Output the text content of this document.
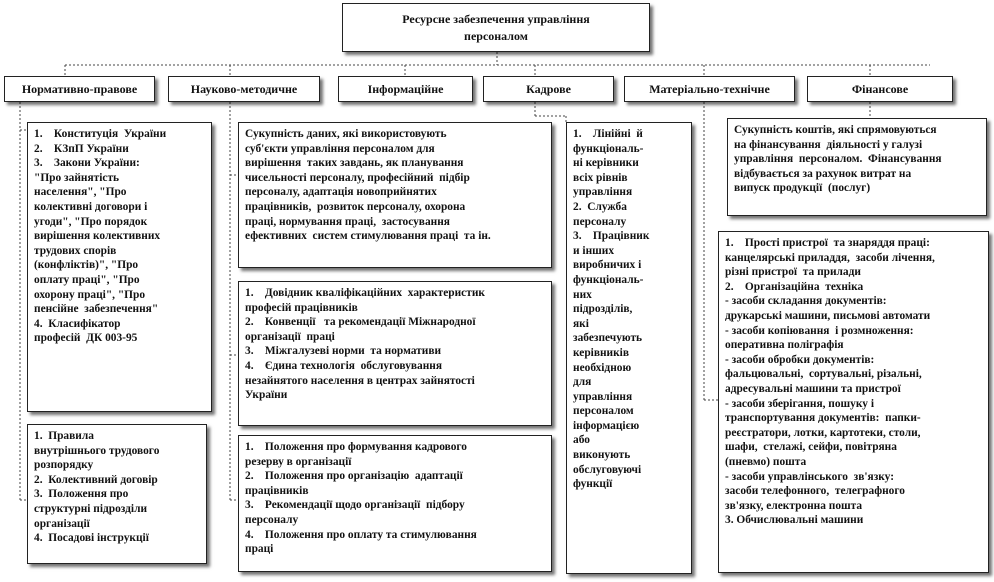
Ресурсне забезпечення управління
персоналом
Нормативно-правове	Науково-методичне	Інформаційне	Кадрове	Матеріально-технічне	Фінансове
1.    Конституція  України
2.    КЗпП України
3.    Закони України:
"Про зайнятість
населення", "Про
колективні договори і
угоди", "Про порядок
вирішення колективних
трудових спорів
(конфліктів)", "Про
оплату праці", "Про
охорону праці", "Про
пенсійне  забезпечення"
4.  Класифікатор
професій  ДК 003-95
1.  Правила
внутрішнього трудового
розпорядку
2.  Колективний договір
3.  Положення про
структурні підрозділи
організації
4.  Посадові інструкції
Сукупність даних, які використовують
суб'єкти управління персоналом для
вирішення  таких завдань, як планування
чисельності персоналу, професійний  підбір
персоналу, адаптація новоприйнятих
працівників,  розвиток персоналу, охорона
праці, нормування праці,  застосування
ефективних  систем стимулювання праці  та ін.
1.    Довідник кваліфікаційних  характеристик
професій працівників
2.    Конвенції   та рекомендації Міжнародної
організації  праці
3.    Міжгалузеві норми  та нормативи
4.    Єдина технологія  обслуговування
незайнятого населення в центрах зайнятості
України
1.    Положення про формування кадрового
резерву в організації
2.    Положення про організацію  адаптації
працівників
3.    Рекомендації щодо організації  підбору
персоналу
4.    Положення про оплату та стимулювання
праці
1.    Лінійні  й
функціональ-
ні керівники
всіх рівнів
управління
2.  Служба
персоналу
3.    Працівник
и інших
виробничих і
функціональ-
них
підрозділів,
які
забезпечують
керівників
необхідною
для
управління
персоналом
інформацією
або
виконують
обслуговуючі
функції
Сукупність коштів, які спрямовуються
на фінансування  діяльності у галузі
управління  персоналом.  Фінансування
відбувається за рахунок витрат на
випуск продукції  (послуг)
1.    Прості пристрої  та знаряддя праці:
канцелярські приладдя,  засоби лічення,
різні пристрої  та прилади
2.    Організаційна  техніка
- засоби складання документів:
друкарські машини, письмові автомати
- засоби копіювання  і розмноження:
оперативна поліграфія
- засоби обробки документів:
фальцювальні,  сортувальні, різальні,
адресувальні машини та пристрої
- засоби зберігання, пошуку і
транспортування документів:  папки-
реєстратори, лотки, картотеки, столи,
шафи,  стелажі, сейфи, повітряна
(пневмо) пошта
- засоби управлінського  зв'язку:
засоби телефонного,  телеграфного
зв'язку, електронна пошта
3. Обчислювальні машини
